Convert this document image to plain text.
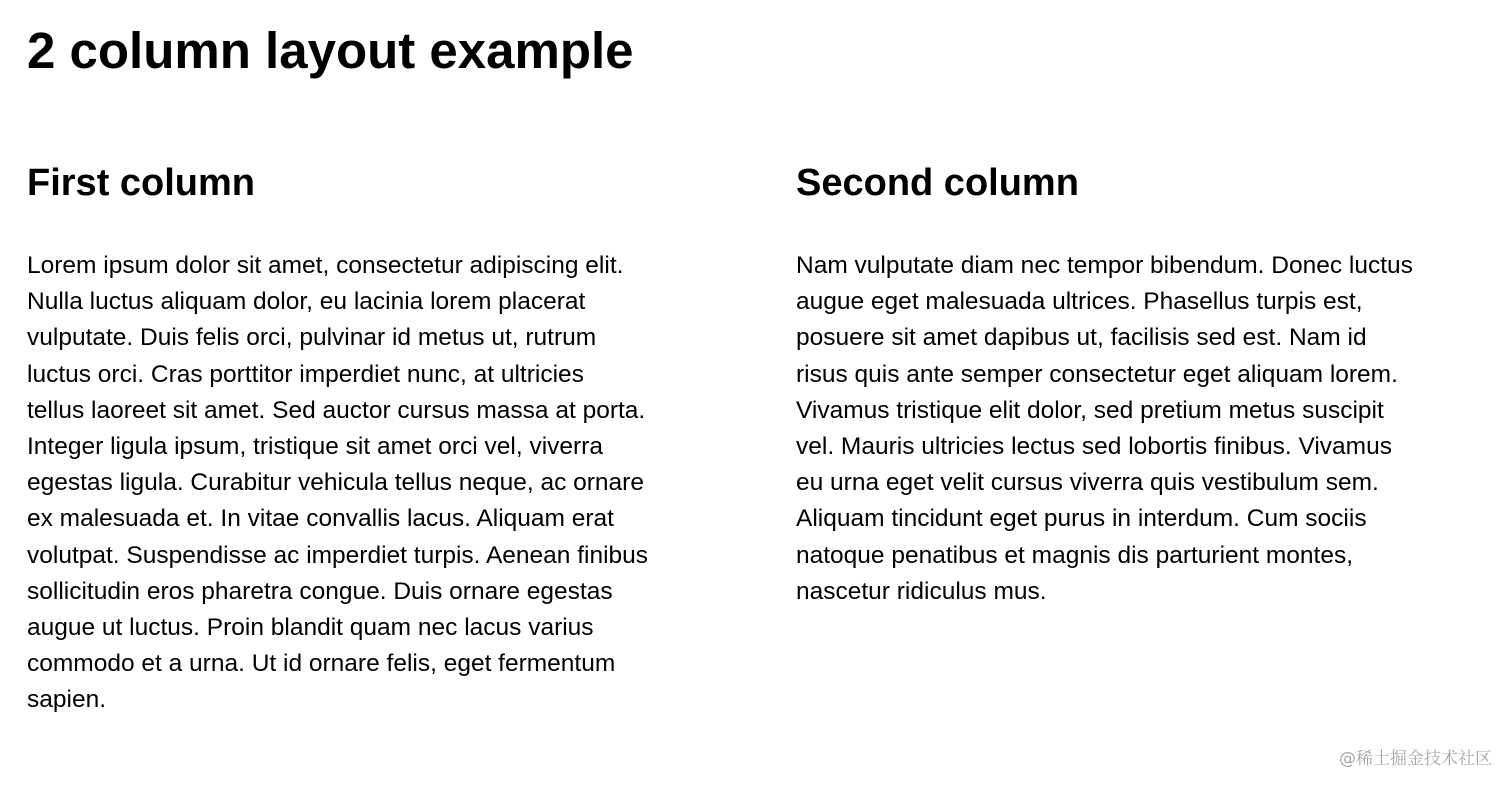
2 column layout example
First column

Lorem ipsum dolor sit amet, consectetur adipiscing elit.
Nulla luctus aliquam dolor, eu lacinia lorem placerat
vulputate. Duis felis orci, pulvinar id metus ut, rutrum
luctus orci. Cras porttitor imperdiet nunc, at ultricies
tellus laoreet sit amet. Sed auctor cursus massa at porta.
Integer ligula ipsum, tristique sit amet orci vel, viverra
egestas ligula. Curabitur vehicula tellus neque, ac ornare
ex malesuada et. In vitae convallis lacus. Aliquam erat
volutpat. Suspendisse ac imperdiet turpis. Aenean finibus
sollicitudin eros pharetra congue. Duis ornare egestas
augue ut luctus. Proin blandit quam nec lacus varius
commodo et a urna. Ut id ornare felis, eget fermentum
sapien.

Second column

Nam vulputate diam nec tempor bibendum. Donec luctus
augue eget malesuada ultrices. Phasellus turpis est,
posuere sit amet dapibus ut, facilisis sed est. Nam id
risus quis ante semper consectetur eget aliquam lorem.
Vivamus tristique elit dolor, sed pretium metus suscipit
vel. Mauris ultricies lectus sed lobortis finibus. Vivamus
eu urna eget velit cursus viverra quis vestibulum sem.
Aliquam tincidunt eget purus in interdum. Cum sociis
natoque penatibus et magnis dis parturient montes,
nascetur ridiculus mus.

@稀土掘金技术社区
